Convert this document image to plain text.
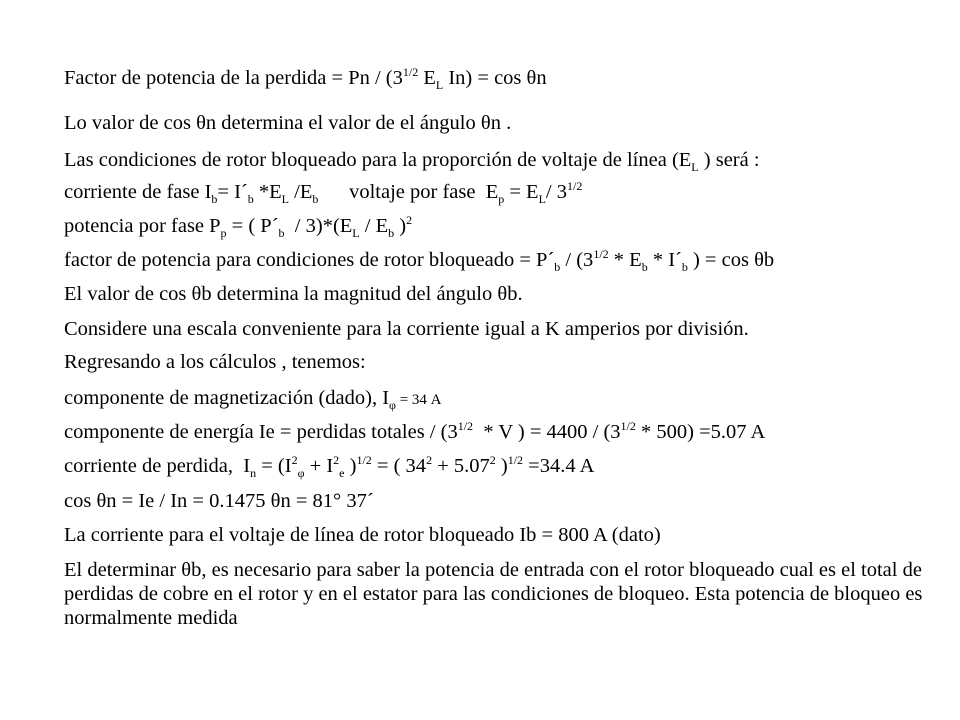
Factor de potencia de la perdida = Pn / ($3^{1/2}$ $E_L$ In) = cos θn
Lo valor de cos θn determina el valor de el ángulo θn .
Las condiciones de rotor bloqueado para la proporción de voltaje de línea ($E_L$ ) será :
corriente de fase $I_b=$ $I´_b$ $*E_L$ $/E_b$      voltaje por fase  $E_p = E_L/$ $3^{1/2}$
potencia por fase $P_p$ = ( $P´_b / 3)*(E_L / E_b$ )$^2$
factor de potencia para condiciones de rotor bloqueado = $P´_b / (3^{1/2} * E_b$ * $I´_b$ ) = cos θb
El valor de cos θb determina la magnitud del ángulo θb.
Considere una escala conveniente para la corriente igual a K amperios por división.
Regresando a los cálculos , tenemos:
componente de magnetización (dado), $I_\varphi = 34$ A
componente de energía Ie = perdidas totales / ($3^{1/2}$  * V ) = $4400 / (3^{1/2} * 500) =5.07$ A
corriente de perdida,  $I_n = (I^2_\varphi + I^2_e$ )$^{1/2}$ = ( $34^2 + 5.07^2$ )$^{1/2}$ =34.4 A
cos θn = Ie / In = 0.1475 θn = 81° 37´
La corriente para el voltaje de línea de rotor bloqueado Ib = 800 A (dato)
El determinar θb, es necesario para saber la potencia de entrada con el rotor bloqueado cual es el total de perdidas de cobre en el rotor y en el estator para las condiciones de bloqueo. Esta potencia de bloqueo es normalmente medida
